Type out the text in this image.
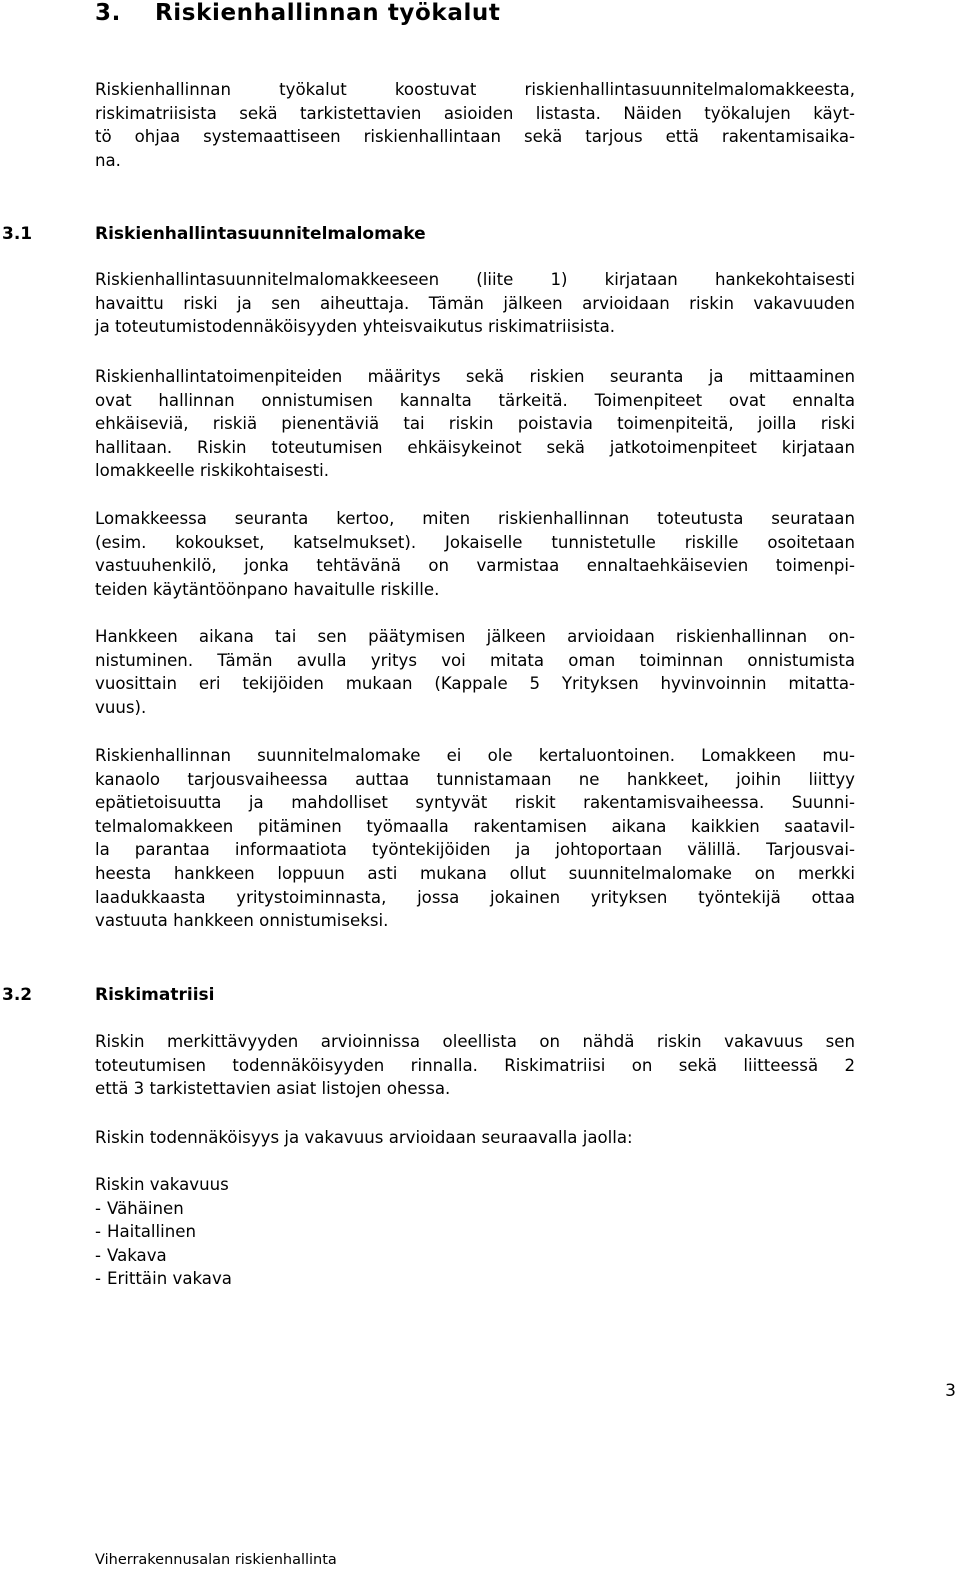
3. Riskienhallinnan työkalut
Riskienhallinnan työkalut koostuvat riskienhallintasuunnitelmalomakkeesta,
riskimatriisista sekä tarkistettavien asioiden listasta. Näiden työkalujen käyt-
tö ohjaa systemaattiseen riskienhallintaan sekä tarjous että rakentamisaika-
na.
3.1	Riskienhallintasuunnitelmalomake
Riskienhallintasuunnitelmalomakkeeseen (liite 1) kirjataan hankekohtaisesti
havaittu riski ja sen aiheuttaja. Tämän jälkeen arvioidaan riskin vakavuuden
ja toteutumistodennäköisyyden yhteisvaikutus riskimatriisista.
Riskienhallintatoimenpiteiden määritys sekä riskien seuranta ja mittaaminen
ovat hallinnan onnistumisen kannalta tärkeitä. Toimenpiteet ovat ennalta
ehkäiseviä, riskiä pienentäviä tai riskin poistavia toimenpiteitä, joilla riski
hallitaan. Riskin toteutumisen ehkäisykeinot sekä jatkotoimenpiteet kirjataan
lomakkeelle riskikohtaisesti.
Lomakkeessa seuranta kertoo, miten riskienhallinnan toteutusta seurataan
(esim. kokoukset, katselmukset). Jokaiselle tunnistetulle riskille osoitetaan
vastuuhenkilö, jonka tehtävänä on varmistaa ennaltaehkäisevien toimenpi-
teiden käytäntöönpano havaitulle riskille.
Hankkeen aikana tai sen päätymisen jälkeen arvioidaan riskienhallinnan on-
nistuminen. Tämän avulla yritys voi mitata oman toiminnan onnistumista
vuosittain eri tekijöiden mukaan (Kappale 5 Yrityksen hyvinvoinnin mitatta-
vuus).
Riskienhallinnan suunnitelmalomake ei ole kertaluontoinen. Lomakkeen mu-
kanaolo tarjousvaiheessa auttaa tunnistamaan ne hankkeet, joihin liittyy
epätietoisuutta ja mahdolliset syntyvät riskit rakentamisvaiheessa. Suunni-
telmalomakkeen pitäminen työmaalla rakentamisen aikana kaikkien saatavil-
la parantaa informaatiota työntekijöiden ja johtoportaan välillä. Tarjousvai-
heesta hankkeen loppuun asti mukana ollut suunnitelmalomake on merkki
laadukkaasta yritystoiminnasta, jossa jokainen yrityksen työntekijä ottaa
vastuuta hankkeen onnistumiseksi.
3.2	Riskimatriisi
Riskin merkittävyyden arvioinnissa oleellista on nähdä riskin vakavuus sen
toteutumisen todennäköisyyden rinnalla. Riskimatriisi on sekä liitteessä 2
että 3 tarkistettavien asiat listojen ohessa.
Riskin todennäköisyys ja vakavuus arvioidaan seuraavalla jaolla:
Riskin vakavuus
- Vähäinen
- Haitallinen
- Vakava
- Erittäin vakava
3
Viherrakennusalan riskienhallinta
